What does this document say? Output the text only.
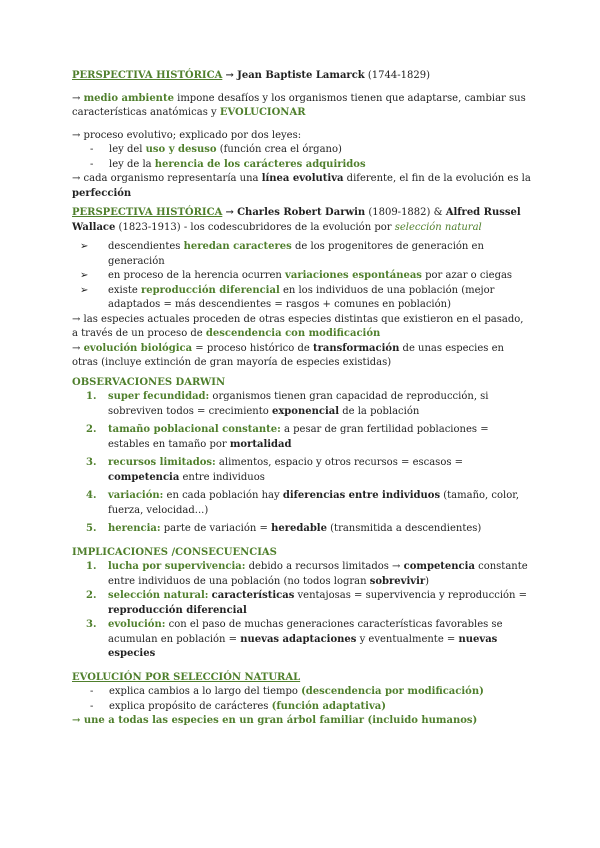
PERSPECTIVA HISTÓRICA → Jean Baptiste Lamarck (1744-1829)

→ medio ambiente impone desafíos y los organismos tienen que adaptarse, cambiar sus características anatómicas y EVOLUCIONAR

→ proceso evolutivo; explicado por dos leyes:

- ley del uso y desuso (función crea el órgano)
- ley de la herencia de los carácteres adquiridos

→ cada organismo representaría una línea evolutiva diferente, el fin de la evolución es la perfección

PERSPECTIVA HISTÓRICA → Charles Robert Darwin (1809-1882) & Alfred Russel Wallace (1823-1913) - los codescubridores de la evolución por selección natural

➢ descendientes heredan caracteres de los progenitores de generación en generación
➢ en proceso de la herencia ocurren variaciones espontáneas por azar o ciegas
➢ existe reproducción diferencial en los individuos de una población (mejor adaptados = más descendientes = rasgos + comunes en población)

→ las especies actuales proceden de otras especies distintas que existieron en el pasado, a través de un proceso de descendencia con modificación

→ evolución biológica = proceso histórico de transformación de unas especies en otras (incluye extinción de gran mayoría de especies existidas)

OBSERVACIONES DARWIN

1. super fecundidad: organismos tienen gran capacidad de reproducción, si sobreviven todos = crecimiento exponencial de la población
2. tamaño poblacional constante: a pesar de gran fertilidad poblaciones = estables en tamaño por mortalidad
3. recursos limitados: alimentos, espacio y otros recursos = escasos = competencia entre individuos
4. variación: en cada población hay diferencias entre individuos (tamaño, color, fuerza, velocidad...)
5. herencia: parte de variación = heredable (transmitida a descendientes)

IMPLICACIONES /CONSECUENCIAS

1. lucha por supervivencia: debido a recursos limitados → competencia constante entre individuos de una población (no todos logran sobrevivir)
2. selección natural: características ventajosas = supervivencia y reproducción = reproducción diferencial
3. evolución: con el paso de muchas generaciones características favorables se acumulan en población = nuevas adaptaciones y eventualmente = nuevas especies

EVOLUCIÓN POR SELECCIÓN NATURAL

- explica cambios a lo largo del tiempo (descendencia por modificación)
- explica propósito de carácteres (función adaptativa)

→ une a todas las especies en un gran árbol familiar (incluido humanos)
